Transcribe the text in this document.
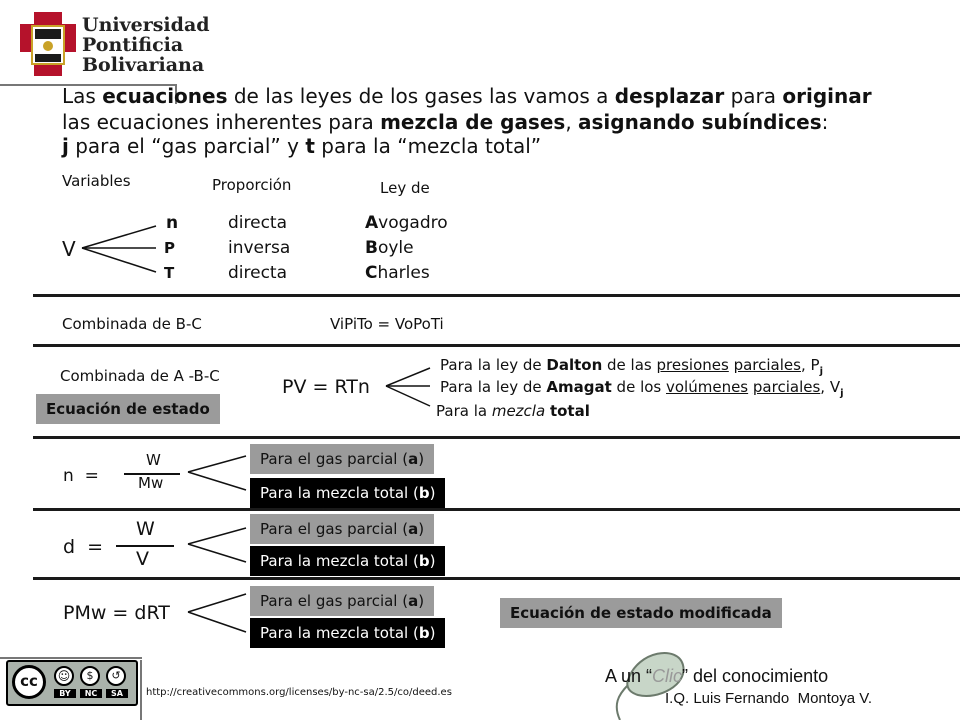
Universidad
Pontificia
Bolivariana
Las ecuaciones de las leyes de los gases las vamos a desplazar para originar
las ecuaciones inherentes para mezcla de gases, asignando subíndices:
j para el “gas parcial” y t para la “mezcla total”
Variables	Proporción	Ley de
V
n	directa	Avogadro
P	inversa	Boyle
T	directa	Charles
Combinada de B-C	ViPiTo = VoPoTi
Combinada de A -B-C
Ecuación de estado
PV = RTn
Para la ley de Dalton de las presiones parciales, $P_j$
Para la ley de Amagat de los volúmenes parciales, $V_j$
Para la mezcla total
n  =
W
Mw
Para el gas parcial (a)
Para la mezcla total (b)
d  =
W
V
Para el gas parcial (a)
Para la mezcla total (b)
PMw = dRT
Para el gas parcial (a)
Para la mezcla total (b)
Ecuación de estado modificada
cc	☺	$	↺
BY	NC	SA	http://creativecommons.org/licenses/by-nc-sa/2.5/co/deed.es
A un “Clic” del conocimiento
I.Q. Luis Fernando  Montoya V.
